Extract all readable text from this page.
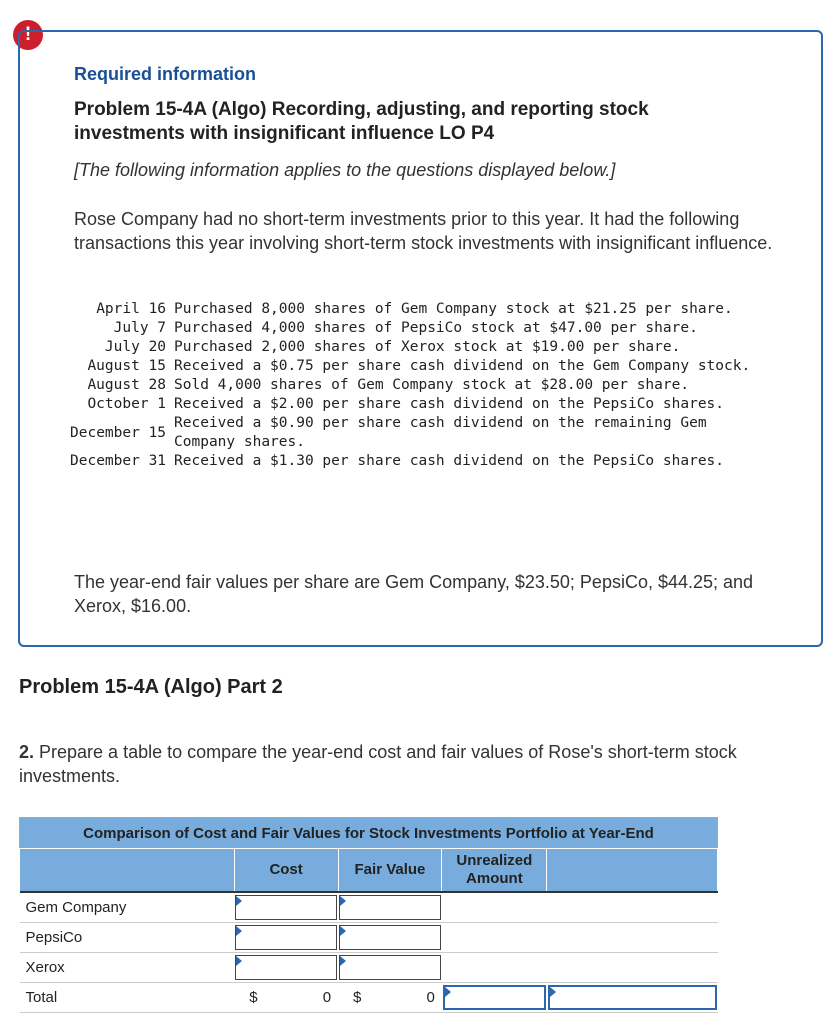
!
Required information
Problem 15-4A (Algo) Recording, adjusting, and reporting stock investments with insignificant influence LO P4
[The following information applies to the questions displayed below.]
Rose Company had no short-term investments prior to this year. It had the following transactions this year involving short-term stock investments with insignificant influence.
April 16	Purchased 8,000 shares of Gem Company stock at $21.25 per share.
July 7	Purchased 4,000 shares of PepsiCo stock at $47.00 per share.
July 20	Purchased 2,000 shares of Xerox stock at $19.00 per share.
August 15	Received a $0.75 per share cash dividend on the Gem Company stock.
August 28	Sold 4,000 shares of Gem Company stock at $28.00 per share.
October 1	Received a $2.00 per share cash dividend on the PepsiCo shares.
December 15	Received a $0.90 per share cash dividend on the remaining Gem Company shares.
December 31	Received a $1.30 per share cash dividend on the PepsiCo shares.
The year-end fair values per share are Gem Company, $23.50; PepsiCo, $44.25; and Xerox, $16.00.
Problem 15-4A (Algo) Part 2
2. Prepare a table to compare the year-end cost and fair values of Rose's short-term stock investments.
Comparison of Cost and Fair Values for Stock Investments Portfolio at Year-End				
	Cost	Fair Value	Unrealized Amount	
Gem Company	

PepsiCo	

Xerox	

Total	$ 0	$ 0		
